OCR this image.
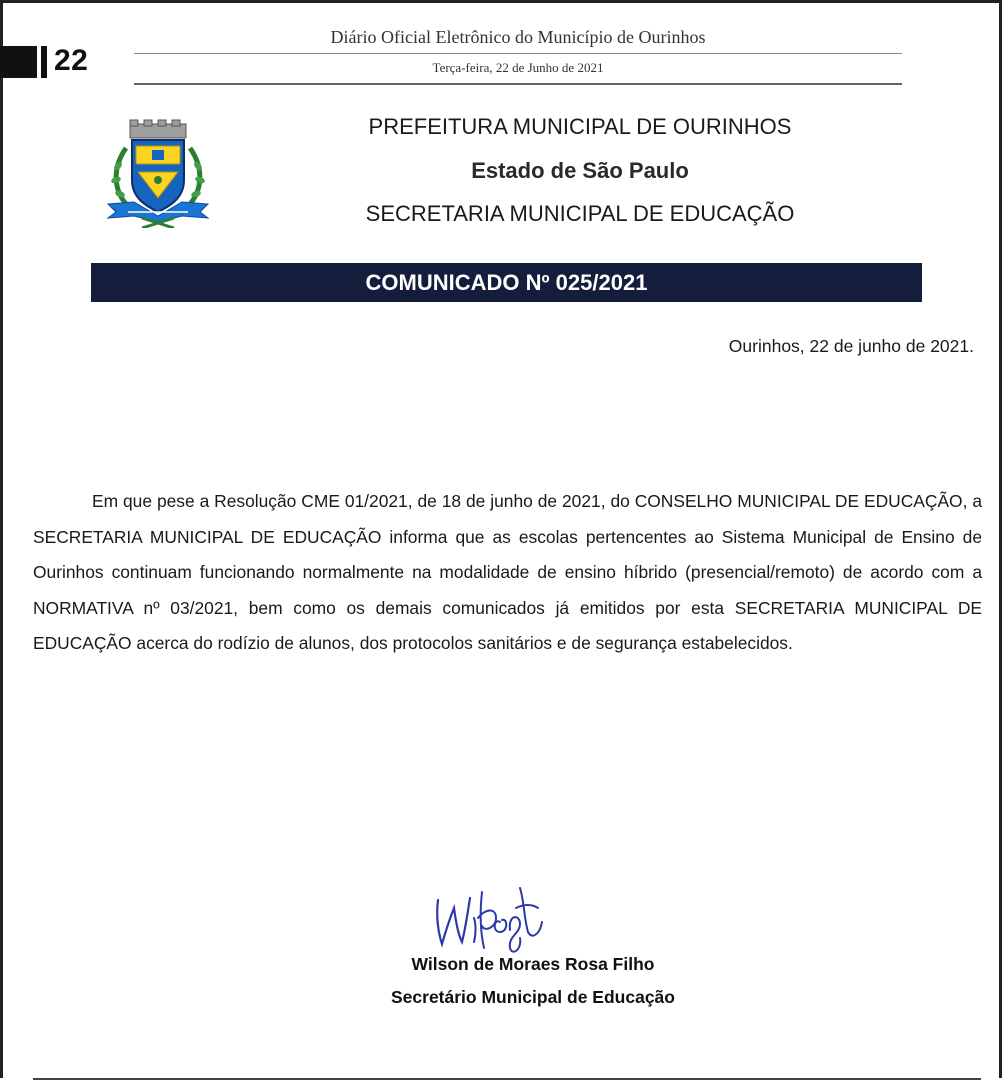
22
Diário Oficial Eletrônico do Município de Ourinhos
Terça-feira, 22 de Junho de 2021
PREFEITURA MUNICIPAL DE OURINHOS
Estado de São Paulo
SECRETARIA MUNICIPAL DE EDUCAÇÃO
COMUNICADO Nº 025/2021
Ourinhos, 22 de junho de 2021.

Em que pese a Resolução CME 01/2021, de 18 de junho de 2021, do CONSELHO MUNICIPAL DE EDUCAÇÃO, a SECRETARIA MUNICIPAL DE EDUCAÇÃO informa que as escolas pertencentes ao Sistema Municipal de Ensino de Ourinhos continuam funcionando normalmente na modalidade de ensino híbrido (presencial/remoto) de acordo com a NORMATIVA nº 03/2021, bem como os demais comunicados já emitidos por esta SECRETARIA MUNICIPAL DE EDUCAÇÃO acerca do rodízio de alunos, dos protocolos sanitários e de segurança estabelecidos.

Wilson de Moraes Rosa Filho
Secretário Municipal de Educação
